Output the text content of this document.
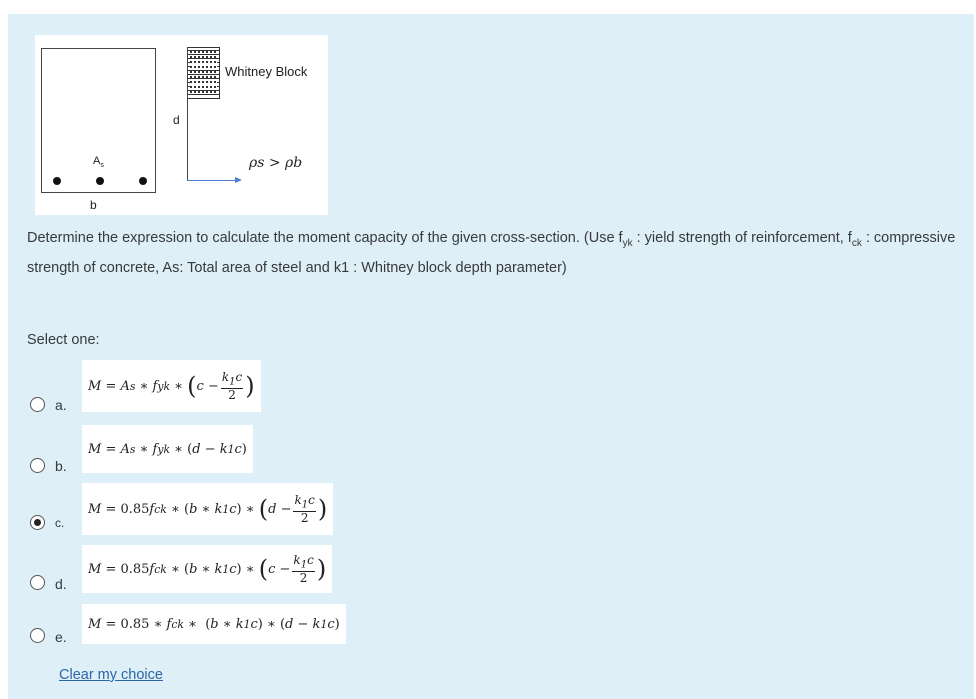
$A_s$
b
d
Whitney Block
ρs > ρb
Determine the expression to calculate the moment capacity of the given cross-section. (Use $f_{yk}$ : yield strength of reinforcement, $f_{ck}$ : compressive strength of concrete, As: Total area of steel and k1 : Whitney block depth parameter)
Select one:
a.
M = A s ∗ f yk ∗ ( $c - \frac{k_1c}{2}$ )
b.
M = A s ∗ f yk ∗ ( d − k 1 c )
c.
M = 0.85 f ck ∗ ( b ∗ k 1 c ) ∗ ( $d - \frac{k_1c}{2}$ )
d.
M = 0.85 f ck ∗ ( b ∗ k 1 c ) ∗ ( $c - \frac{k_1c}{2}$ )
e.
M = 0.85 ∗ f ck ∗ ( b ∗ k 1 c ) ∗ ( d − k 1 c )
Clear my choice
